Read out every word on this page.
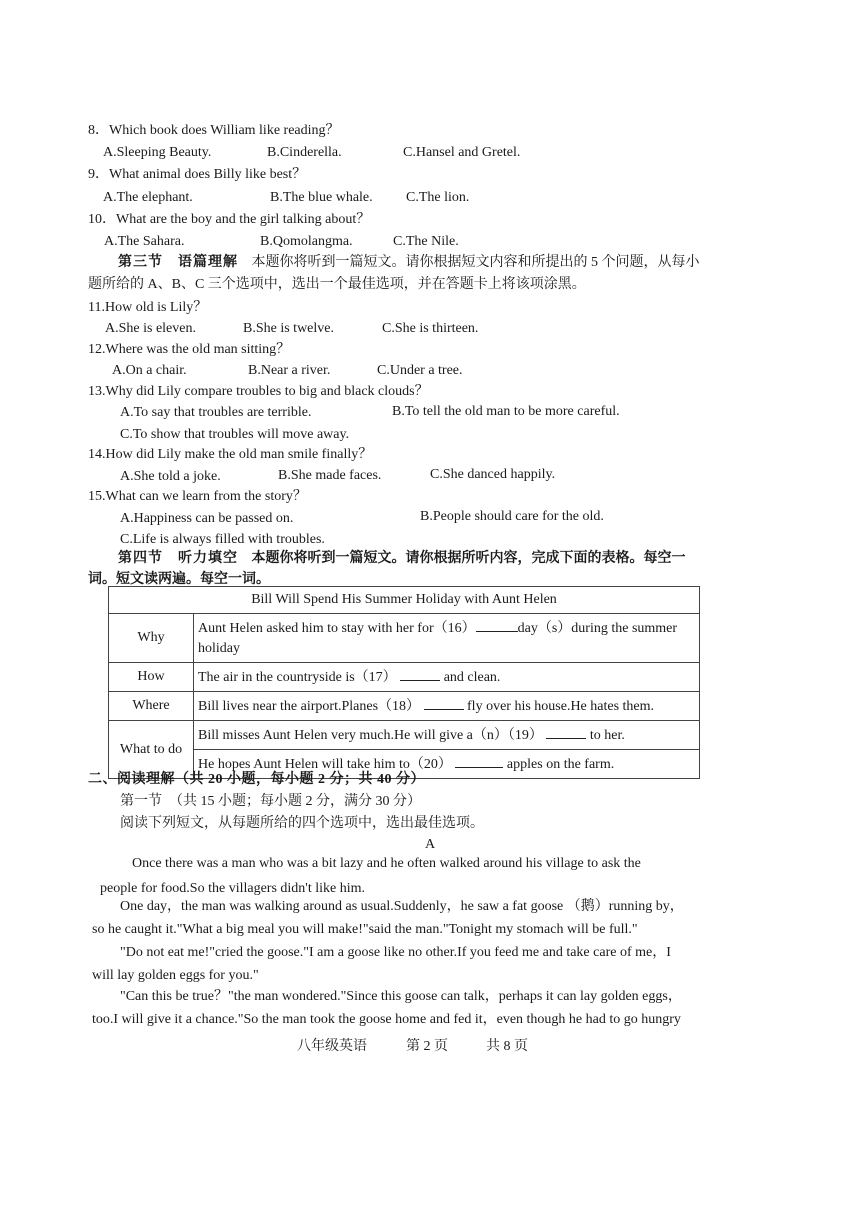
8．Which book does William like reading？
A.Sleeping Beauty.	B.Cinderella.	C.Hansel and Gretel.
9．What animal does Billy like best？
A.The elephant.	B.The blue whale. C.The lion.
10．What are the boy and the girl talking about？
A.The Sahara.	B.Qomolangma.	C.The Nile.
第三节　语篇理解 本题你将听到一篇短文。请你根据短文内容和所提出的 5 个问题，从每小
题所给的 A、B、C 三个选项中，选出一个最佳选项，并在答题卡上将该项涂黑。
11.How old is Lily？
A.She is eleven.	B.She is twelve.	C.She is thirteen.
12.Where was the old man sitting？
A.On a chair.	B.Near a river.	C.Under a tree.
13.Why did Lily compare troubles to big and black clouds？
A.To say that troubles are terrible.	B.To tell the old man to be more careful.
C.To show that troubles will move away.
14.How did Lily make the old man smile finally？
A.She told a joke.	B.She made faces.	C.She danced happily.
15.What can we learn from the story？
A.Happiness can be passed on.	B.People should care for the old.
C.Life is always filled with troubles.
第四节　听力填空 本题你将听到一篇短文。请你根据所听内容，完成下面的表格。每空一
词。短文读两遍。每空一词。
Bill Will Spend His Summer Holiday with Aunt Helen	
Why	Aunt Helen asked him to stay with her for（16） day（s）during the summer holiday
How	The air in the countryside is（17） and clean.
Where	Bill lives near the airport.Planes（18） fly over his house.He hates them.
What to do	Bill misses Aunt Helen very much.He will give a（n）（19） to her.
	He hopes Aunt Helen will take him to（20） apples on the farm.
二、阅读理解（共 20 小题，每小题 2 分；共 40 分）
第一节　（共 15 小题；每小题 2 分，满分 30 分）
阅读下列短文，从每题所给的四个选项中，选出最佳选项。
A
Once there was a man who was a bit lazy and he often walked around his village to ask the
people for food.So the villagers didn't like him.
One day，the man was walking around as usual.Suddenly，he saw a fat goose （鹅）running by，
so he caught it."What a big meal you will make!"said the man."Tonight my stomach will be full."
"Do not eat me!"cried the goose."I am a goose like no other.If you feed me and take care of me，I
will lay golden eggs for you."
"Can this be true？"the man wondered."Since this goose can talk，perhaps it can lay golden eggs，
too.I will give it a chance."So the man took the goose home and fed it，even though he had to go hungry
八年级英语	第 2 页	共 8 页
